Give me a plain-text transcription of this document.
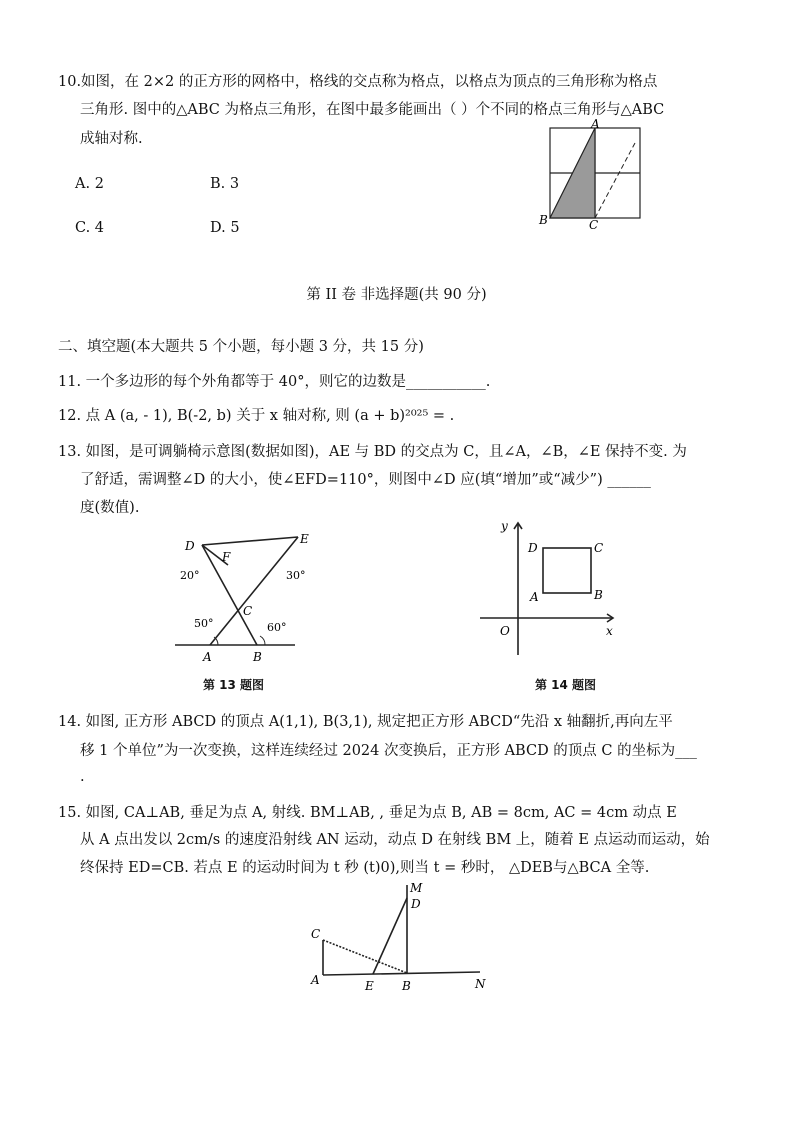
10.如图，在 2×2 的正方形的网格中，格线的交点称为格点，以格点为顶点的三角形称为格点
三角形. 图中的△ABC 为格点三角形，在图中最多能画出（ ）个不同的格点三角形与△ABC
成轴对称.
A. 2	B. 3
C. 4	D. 5
A
B	C
第 II 卷 非选择题(共 90 分)
二、填空题(本大题共 5 个小题，每小题 3 分，共 15 分)
11. 一个多边形的每个外角都等于 40°，则它的边数是___________.
12. 点 A (a, - 1), B(-2, b) 关于 x 轴对称, 则 (a + b)²⁰²⁵ = .
13. 如图，是可调躺椅示意图(数据如图)，AE 与 BD 的交点为 C，且∠A，∠B，∠E 保持不变. 为
了舒适，需调整∠D 的大小，使∠EFD=110°，则图中∠D 应(填“增加”或“减少”) ______
度(数值).
D
F
E
C
A	B
20°	30°
50°	60°
第 13 题图
y
D	C
A	B
O	x
第 14 题图
14. 如图, 正方形 ABCD 的顶点 A(1,1), B(3,1), 规定把正方形 ABCD“先沿 x 轴翻折,再向左平
移 1 个单位”为一次变换，这样连续经过 2024 次变换后，正方形 ABCD 的顶点 C 的坐标为___
.
15. 如图, CA⊥AB, 垂足为点 A, 射线. BM⊥AB, , 垂足为点 B, AB = 8cm, AC = 4cm 动点 E
从 A 点出发以 2cm/s 的速度沿射线 AN 运动，动点 D 在射线 BM 上，随着 E 点运动而运动，始
终保持 ED=CB. 若点 E 的运动时间为 t 秒 (t)0),则当 t = 秒时， △DEB与△BCA 全等.
M
D
C
A	E B	N
